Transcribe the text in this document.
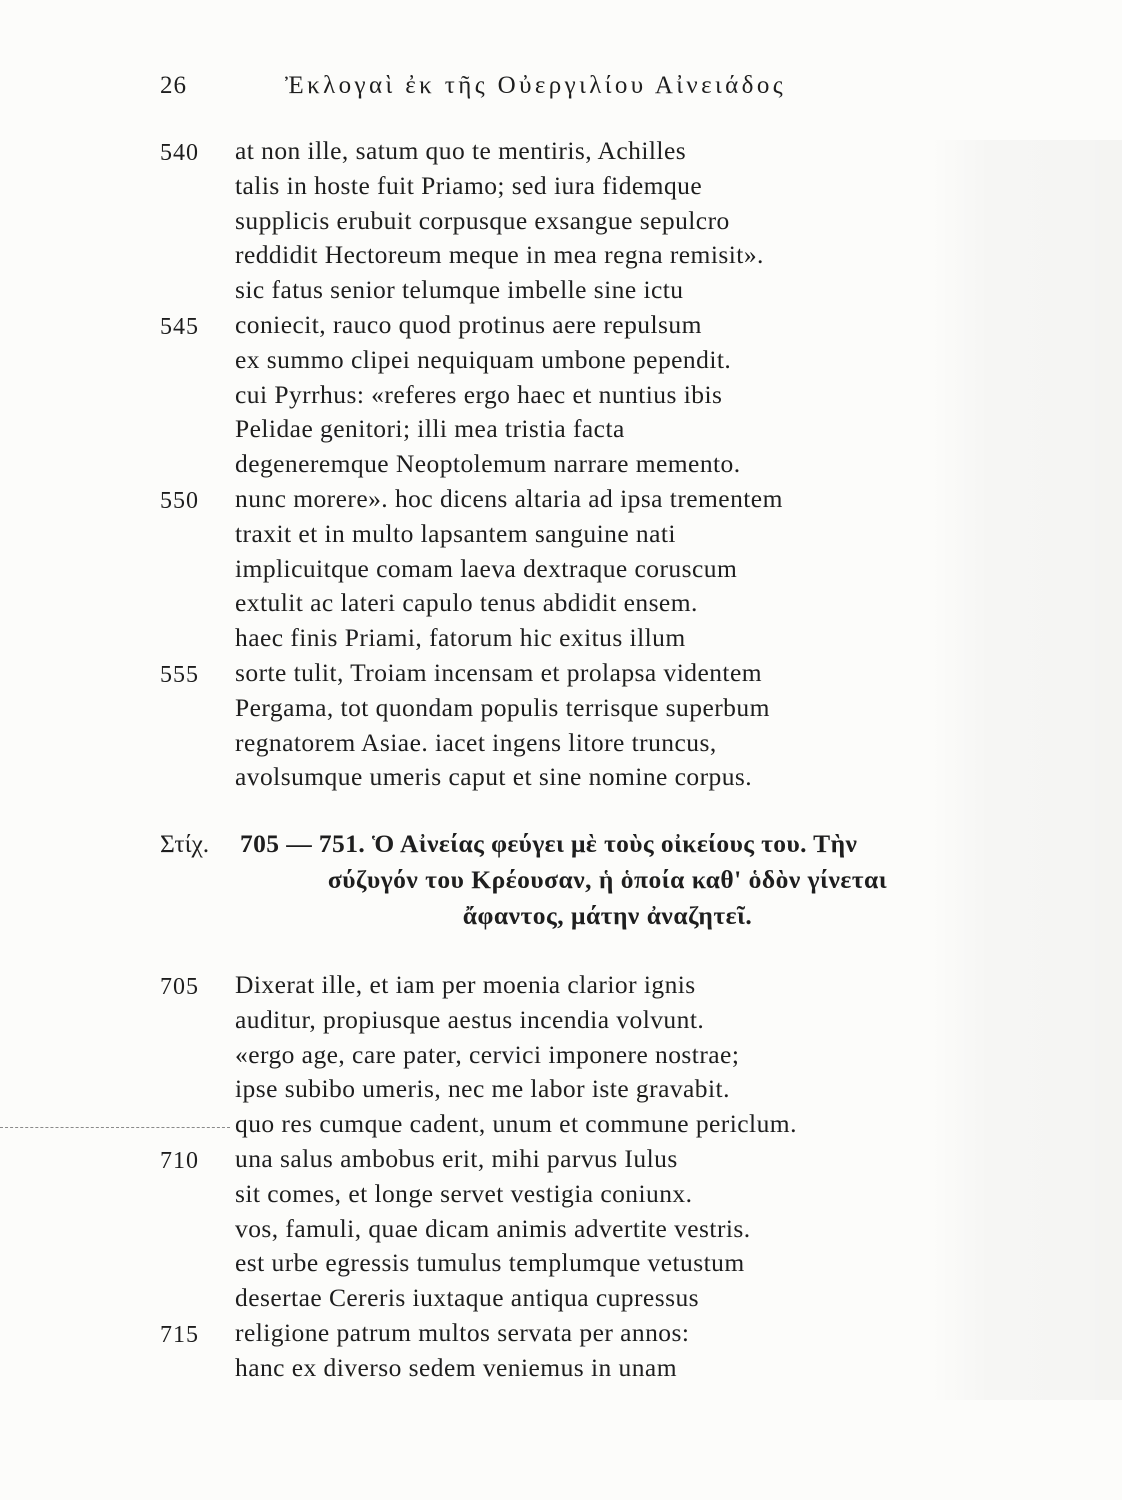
26	Ἐκλογαὶ ἐκ τῆς Οὐεργιλίου Αἰνειάδος
540 at non ille, satum quo te mentiris, Achilles
talis in hoste fuit Priamo; sed iura fidemque
supplicis erubuit corpusque exsangue sepulcro
reddidit Hectoreum meque in mea regna remisit».
sic fatus senior telumque imbelle sine ictu
545 coniecit, rauco quod protinus aere repulsum
ex summo clipei nequiquam umbone pependit.
cui Pyrrhus: «referes ergo haec et nuntius ibis
Pelidae genitori; illi mea tristia facta
degeneremque Neoptolemum narrare memento.
550 nunc morere». hoc dicens altaria ad ipsa trementem
traxit et in multo lapsantem sanguine nati
implicuitque comam laeva dextraque coruscum
extulit ac lateri capulo tenus abdidit ensem.
haec finis Priami, fatorum hic exitus illum
555 sorte tulit, Troiam incensam et prolapsa videntem
Pergama, tot quondam populis terrisque superbum
regnatorem Asiae. iacet ingens litore truncus,
avolsumque umeris caput et sine nomine corpus.
Στίχ. 705 — 751. Ὁ Αἰνείας φεύγει μὲ τοὺς οἰκείους του. Τὴν
σύζυγόν του Κρέουσαν, ἡ ὁποία καθ' ὁδὸν γίνεται
ἄφαντος, μάτην ἀναζητεῖ.
705 Dixerat ille, et iam per moenia clarior ignis
auditur, propiusque aestus incendia volvunt.
«ergo age, care pater, cervici imponere nostrae;
ipse subibo umeris, nec me labor iste gravabit.
quo res cumque cadent, unum et commune periclum.
710 una salus ambobus erit, mihi parvus Iulus
sit comes, et longe servet vestigia coniunx.
vos, famuli, quae dicam animis advertite vestris.
est urbe egressis tumulus templumque vetustum
desertae Cereris iuxtaque antiqua cupressus
715 religione patrum multos servata per annos:
hanc ex diverso sedem veniemus in unam
